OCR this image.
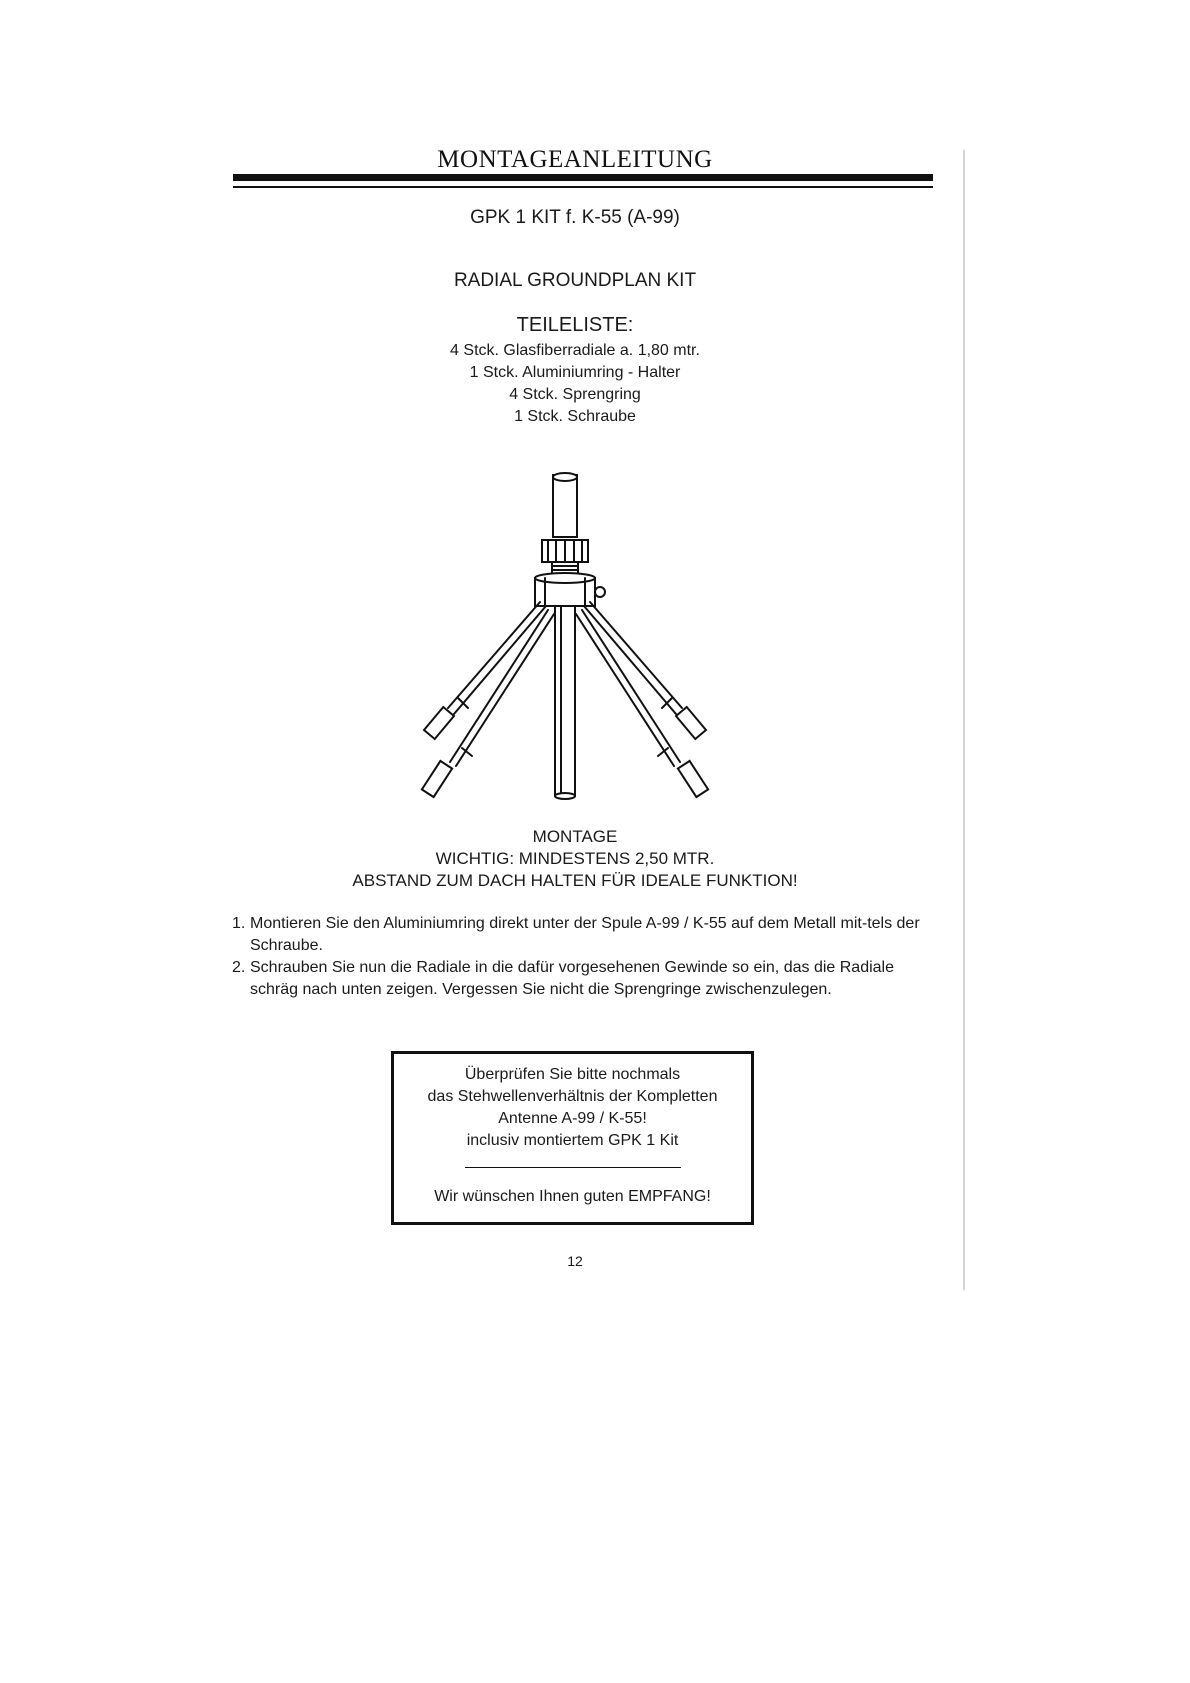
MONTAGEANLEITUNG
GPK 1 KIT f. K-55 (A-99)
RADIAL GROUNDPLAN KIT
TEILELISTE:
4 Stck. Glasfiberradiale a. 1,80 mtr.
1 Stck. Aluminiumring - Halter
4 Stck. Sprengring
1 Stck. Schraube
MONTAGE
WICHTIG: MINDESTENS 2,50 MTR.
ABSTAND ZUM DACH HALTEN FÜR IDEALE FUNKTION!
1. Montieren Sie den Aluminiumring direkt unter der Spule A-99 / K-55 auf dem Metall mit-tels der Schraube.
2. Schrauben Sie nun die Radiale in die dafür vorgesehenen Gewinde so ein, das die Radiale schräg nach unten zeigen. Vergessen Sie nicht die Sprengringe zwischenzulegen.
Überprüfen Sie bitte nochmals
das Stehwellenverhältnis der Kompletten
Antenne A-99 / K-55!
inclusiv montiertem GPK 1 Kit
Wir wünschen Ihnen guten EMPFANG!
12
